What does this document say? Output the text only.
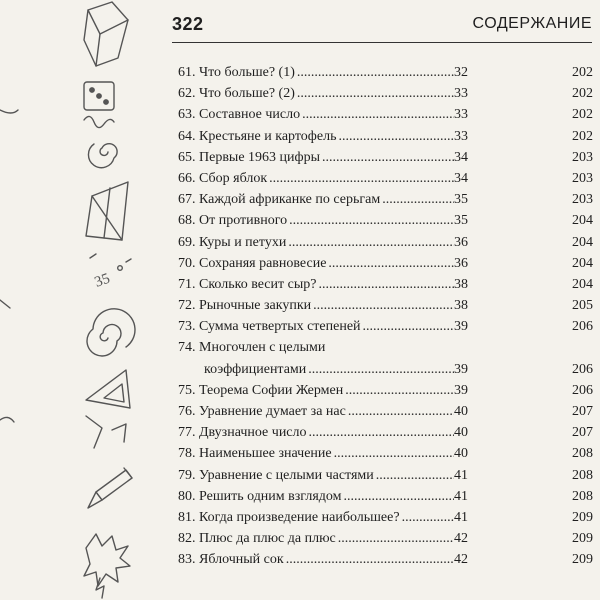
35
322	СОДЕРЖАНИЕ
61. Что больше? (1) .....	32	202
62. Что больше? (2) .....	33	202
63. Составное число .....	33	202
64. Крестьяне и картофель .....	33	202
65. Первые 1963 цифры .....	34	203
66. Сбор яблок .....	34	203
67. Каждой африканке по серьгам .....	35	203
68. От противного .....	35	204
69. Куры и петухи .....	36	204
70. Сохраняя равновесие .....	36	204
71. Сколько весит сыр? .....	38	204
72. Рыночные закупки .....	38	205
73. Сумма четвертых степеней .....	39	206
74. Многочлен с целыми
коэффициентами .....	39	206
75. Теорема Софии Жермен .....	39	206
76. Уравнение думает за нас .....	40	207
77. Двузначное число .....	40	207
78. Наименьшее значение .....	40	208
79. Уравнение с целыми частями .....	41	208
80. Решить одним взглядом .....	41	208
81. Когда произведение наибольшее? .....	41	209
82. Плюс да плюс да плюс .....	42	209
83. Яблочный сок .....	42	209
